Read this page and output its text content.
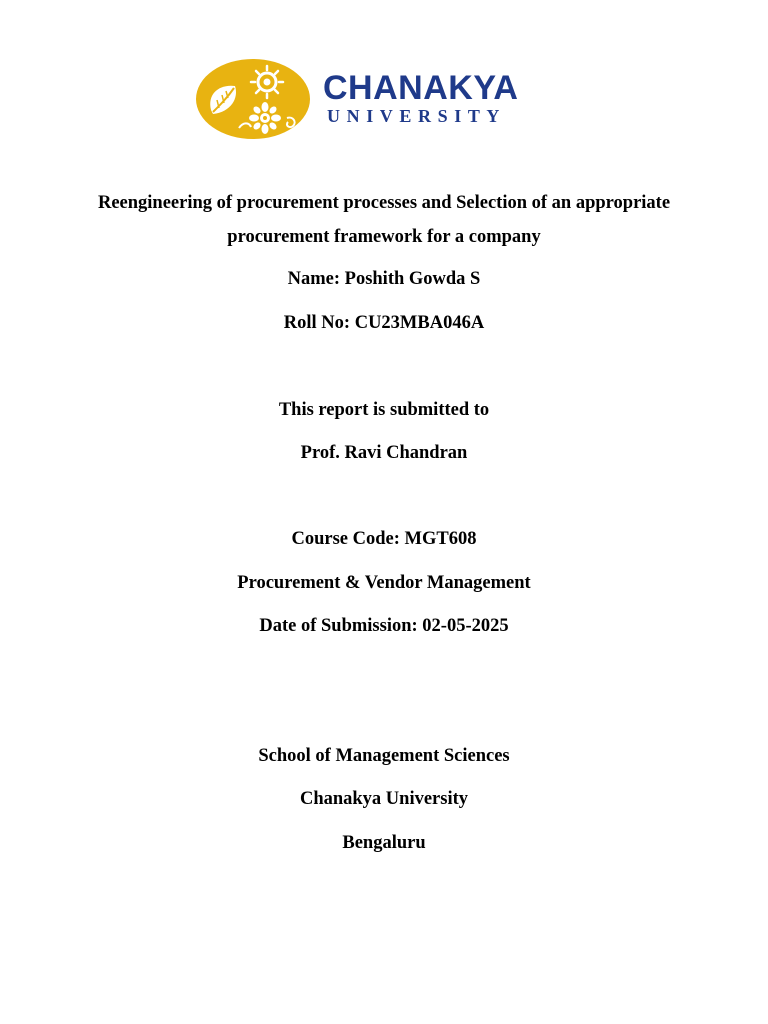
CHANAKYA
UNIVERSITY
Reengineering of procurement processes and Selection of an appropriate
procurement framework for a company
Name: Poshith Gowda S
Roll No: CU23MBA046A
This report is submitted to
Prof. Ravi Chandran
Course Code: MGT608
Procurement & Vendor Management
Date of Submission: 02-05-2025
School of Management Sciences
Chanakya University
Bengaluru
